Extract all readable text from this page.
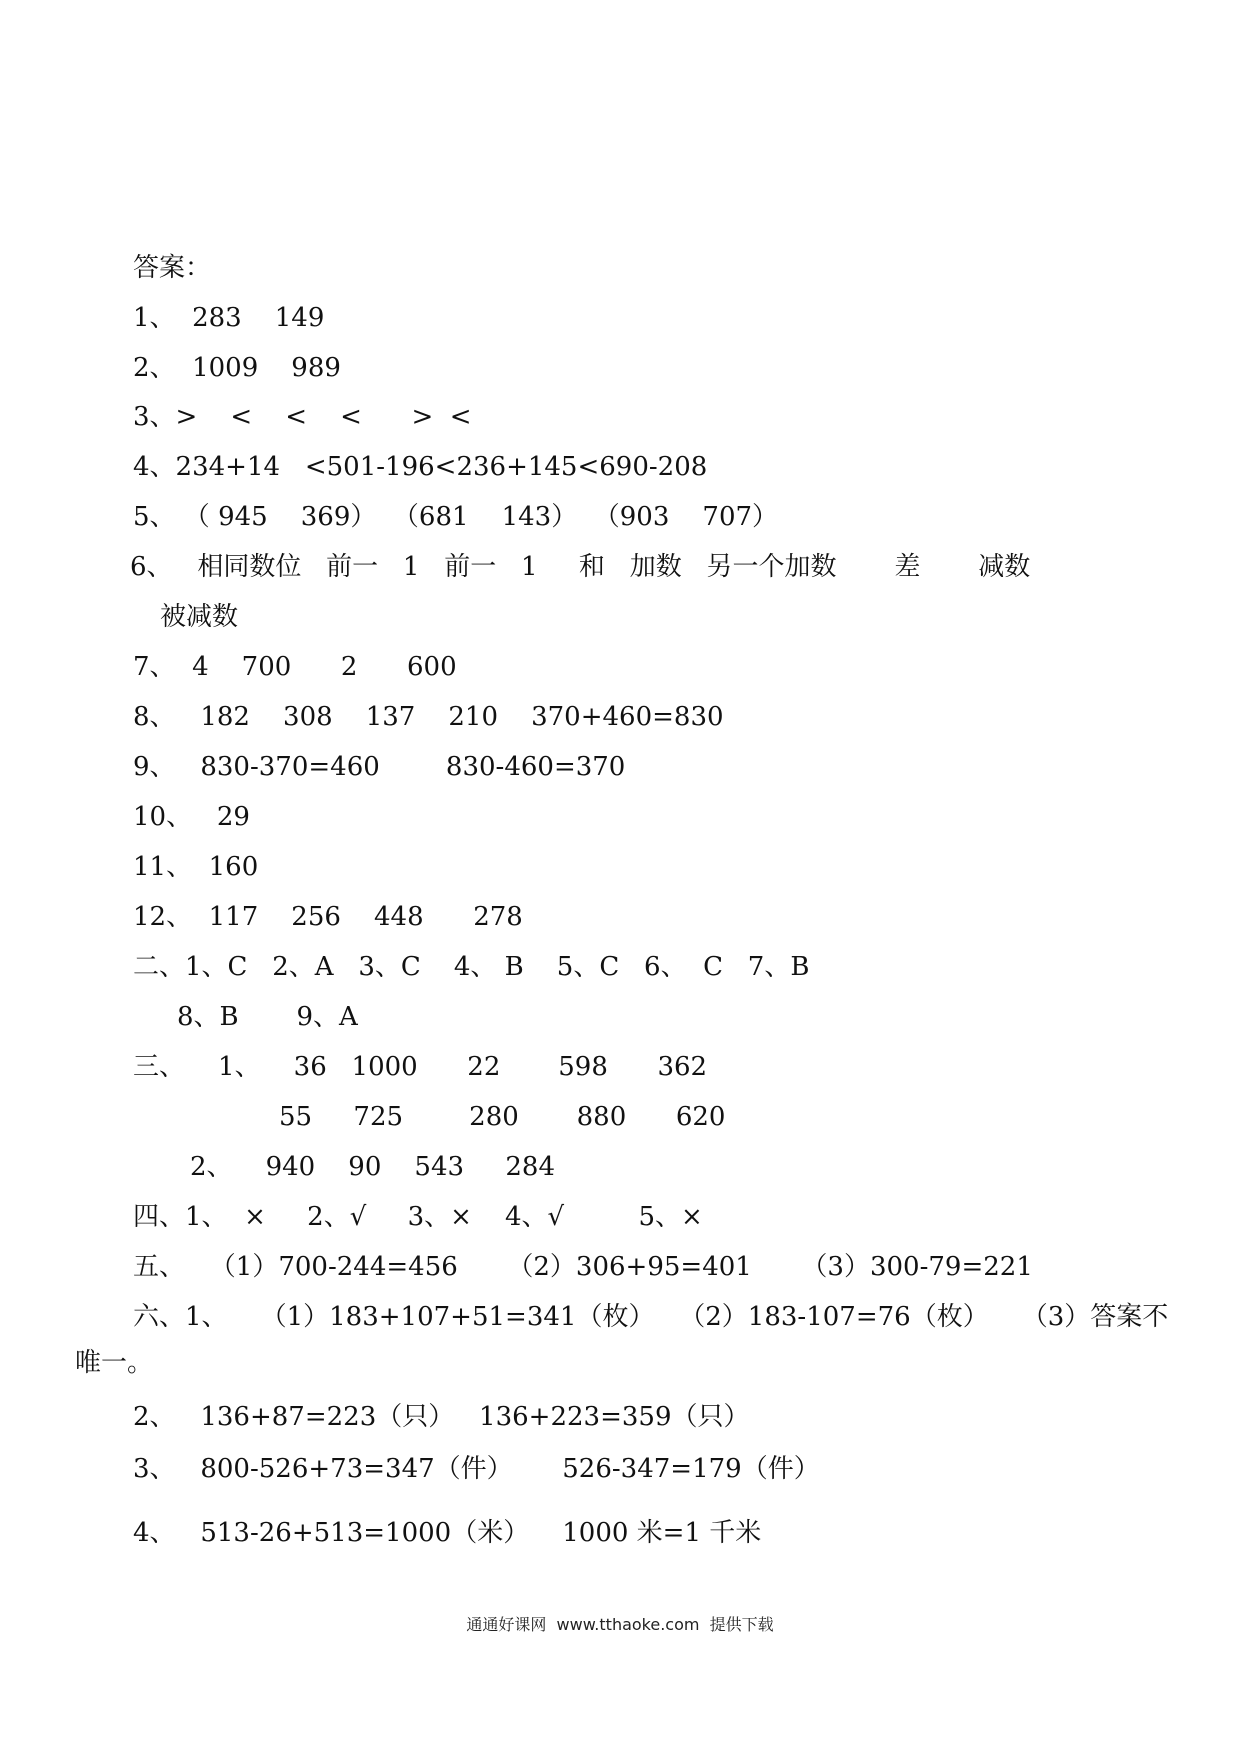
答案：
1、  283    149
2、  1009    989
3、>    <    <    <      >  <
4、234+14   <501-196<236+145<690-208
5、 （ 945    369）  （681    143）  （903    707）
6、   相同数位   前一   1   前一   1     和   加数   另一个加数       差       减数
被减数
7、  4    700      2      600
8、   182    308    137    210    370+460=830
9、   830-370=460        830-460=370
10、   29
11、  160
12、  117    256    448      278
二、1、C   2、A   3、C    4、 B    5、C   6、  C   7、B
8、B       9、A
三、    1、    36   1000      22       598      362
55     725        280       880      620
2、    940    90    543     284
四、1、  ×     2、√     3、×    4、√         5、×
五、   （1）700-244=456      （2）306+95=401      （3）300-79=221
六、1、    （1）183+107+51=341（枚）   （2）183-107=76（枚）    （3）答案不
唯一。
2、   136+87=223（只）   136+223=359（只）
3、   800-526+73=347（件）      526-347=179（件）
4、   513-26+513=1000（米）    1000 米=1 千米
通通好课网  www.tthaoke.com  提供下载
